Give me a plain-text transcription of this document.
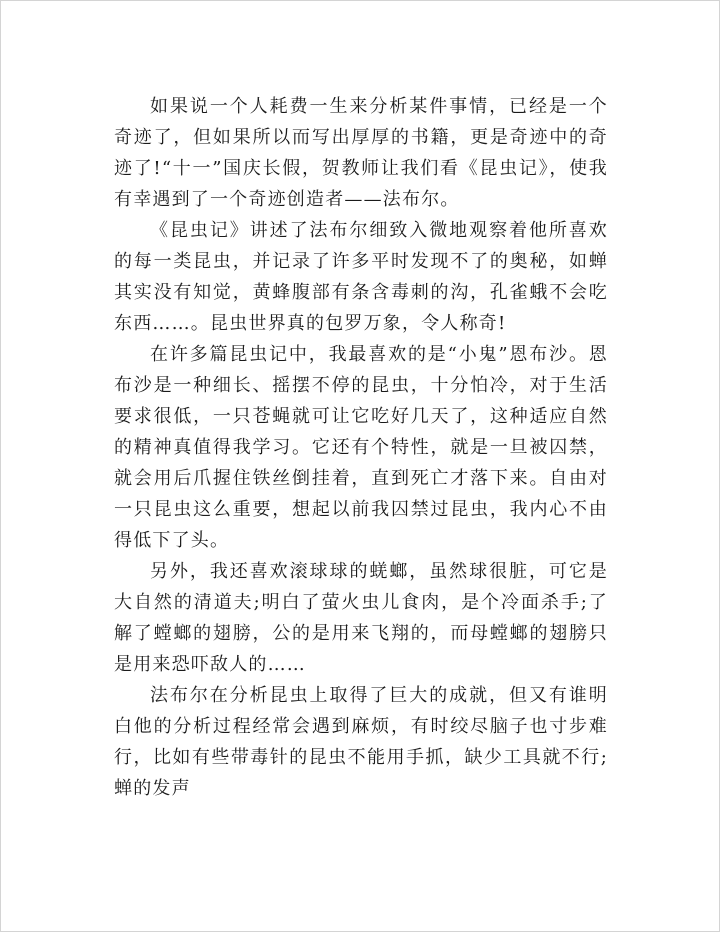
如果说一个人耗费一生来分析某件事情，已经是一个奇迹了，但如果所以而写出厚厚的书籍，更是奇迹中的奇迹了!“十一”国庆长假，贺教师让我们看《昆虫记》，使我有幸遇到了一个奇迹创造者——法布尔。

《昆虫记》讲述了法布尔细致入微地观察着他所喜欢的每一类昆虫，并记录了许多平时发现不了的奥秘，如蝉其实没有知觉，黄蜂腹部有条含毒刺的沟，孔雀蛾不会吃东西……。昆虫世界真的包罗万象，令人称奇!

在许多篇昆虫记中，我最喜欢的是“小鬼”恩布沙。恩布沙是一种细长、摇摆不停的昆虫，十分怕冷，对于生活要求很低，一只苍蝇就可让它吃好几天了，这种适应自然的精神真值得我学习。它还有个特性，就是一旦被囚禁，就会用后爪握住铁丝倒挂着，直到死亡才落下来。自由对一只昆虫这么重要，想起以前我囚禁过昆虫，我内心不由得低下了头。

另外，我还喜欢滚球球的蜣螂，虽然球很脏，可它是大自然的清道夫;明白了萤火虫儿食肉，是个冷面杀手;了解了螳螂的翅膀，公的是用来飞翔的，而母螳螂的翅膀只是用来恐吓敌人的……

法布尔在分析昆虫上取得了巨大的成就，但又有谁明白他的分析过程经常会遇到麻烦，有时绞尽脑子也寸步难行，比如有些带毒针的昆虫不能用手抓，缺少工具就不行;蝉的发声
